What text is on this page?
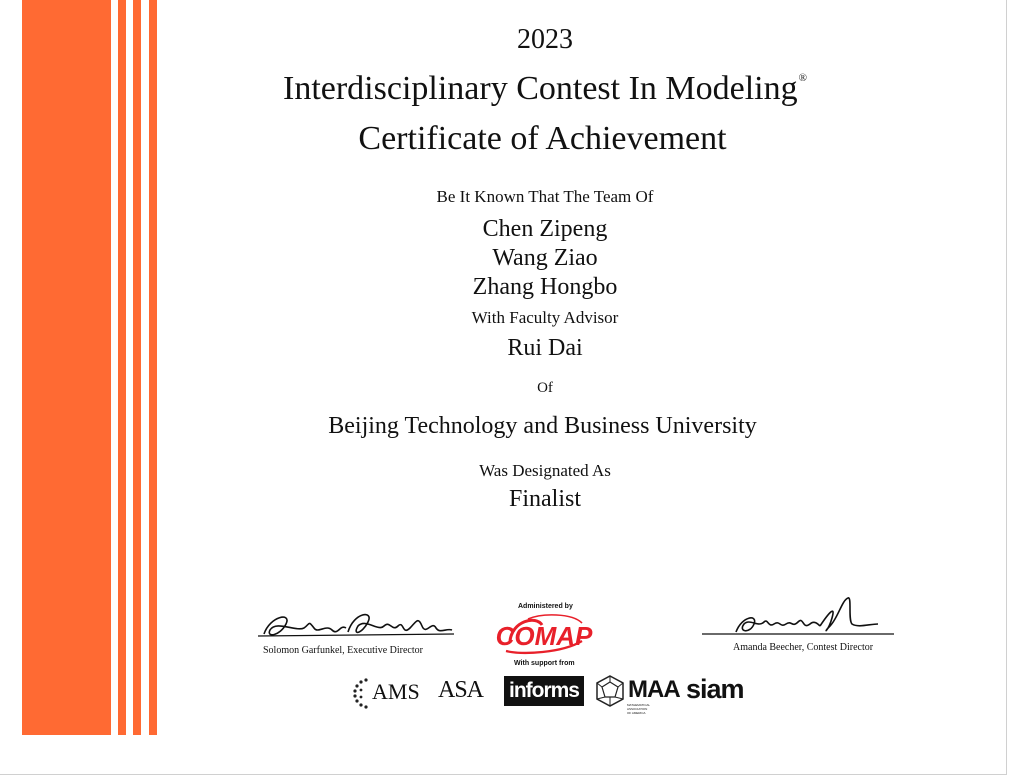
2023
Interdisciplinary Contest In Modeling®
Certificate of Achievement
Be It Known That The Team Of
Chen Zipeng
Wang Ziao
Zhang Hongbo
With Faculty Advisor
Rui Dai
Of
Beijing Technology and Business University
Was Designated As
Finalist
Solomon Garfunkel, Executive Director
Administered by
COMAP
With support from
Amanda Beecher, Contest Director
AMS ASA informs MAA
MATHEMATICAL ASSOCIATION OF AMERICA
siam
